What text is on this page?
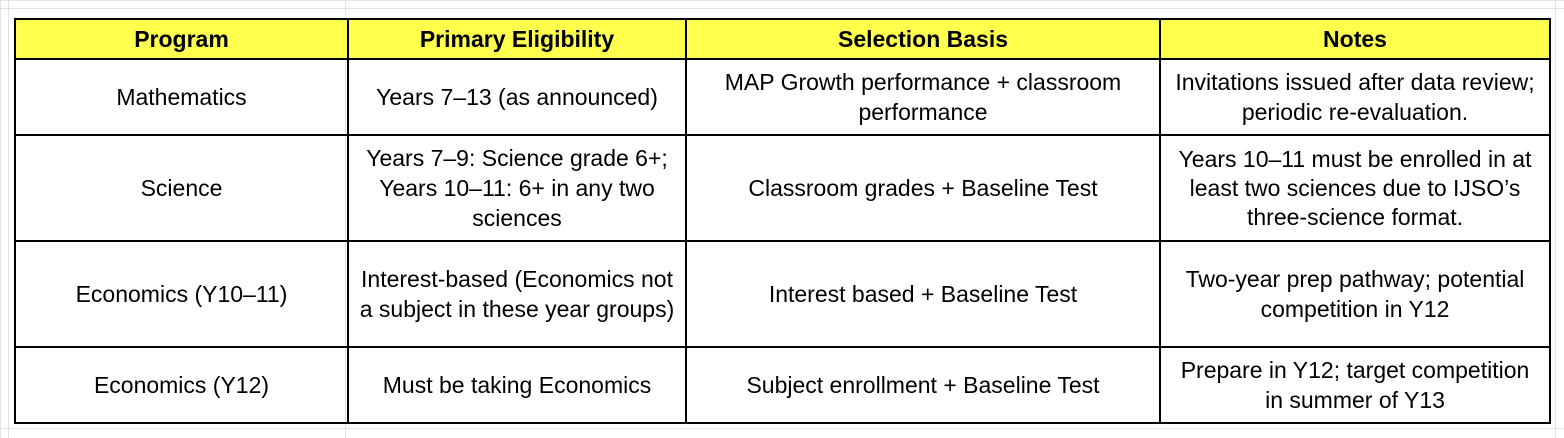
Program	Primary Eligibility	Selection Basis	Notes
Mathematics	Years 7–13 (as announced)	MAP Growth performance + classroom performance	Invitations issued after data review; periodic re-evaluation.
Science	Years 7–9: Science grade 6+; Years 10–11: 6+ in any two sciences	Classroom grades + Baseline Test	Years 10–11 must be enrolled in at least two sciences due to IJSO’s three-science format.
Economics (Y10–11)	Interest-based (Economics not a subject in these year groups)	Interest based + Baseline Test	Two-year prep pathway; potential competition in Y12
Economics (Y12)	Must be taking Economics	Subject enrollment + Baseline Test	Prepare in Y12; target competition in summer of Y13
